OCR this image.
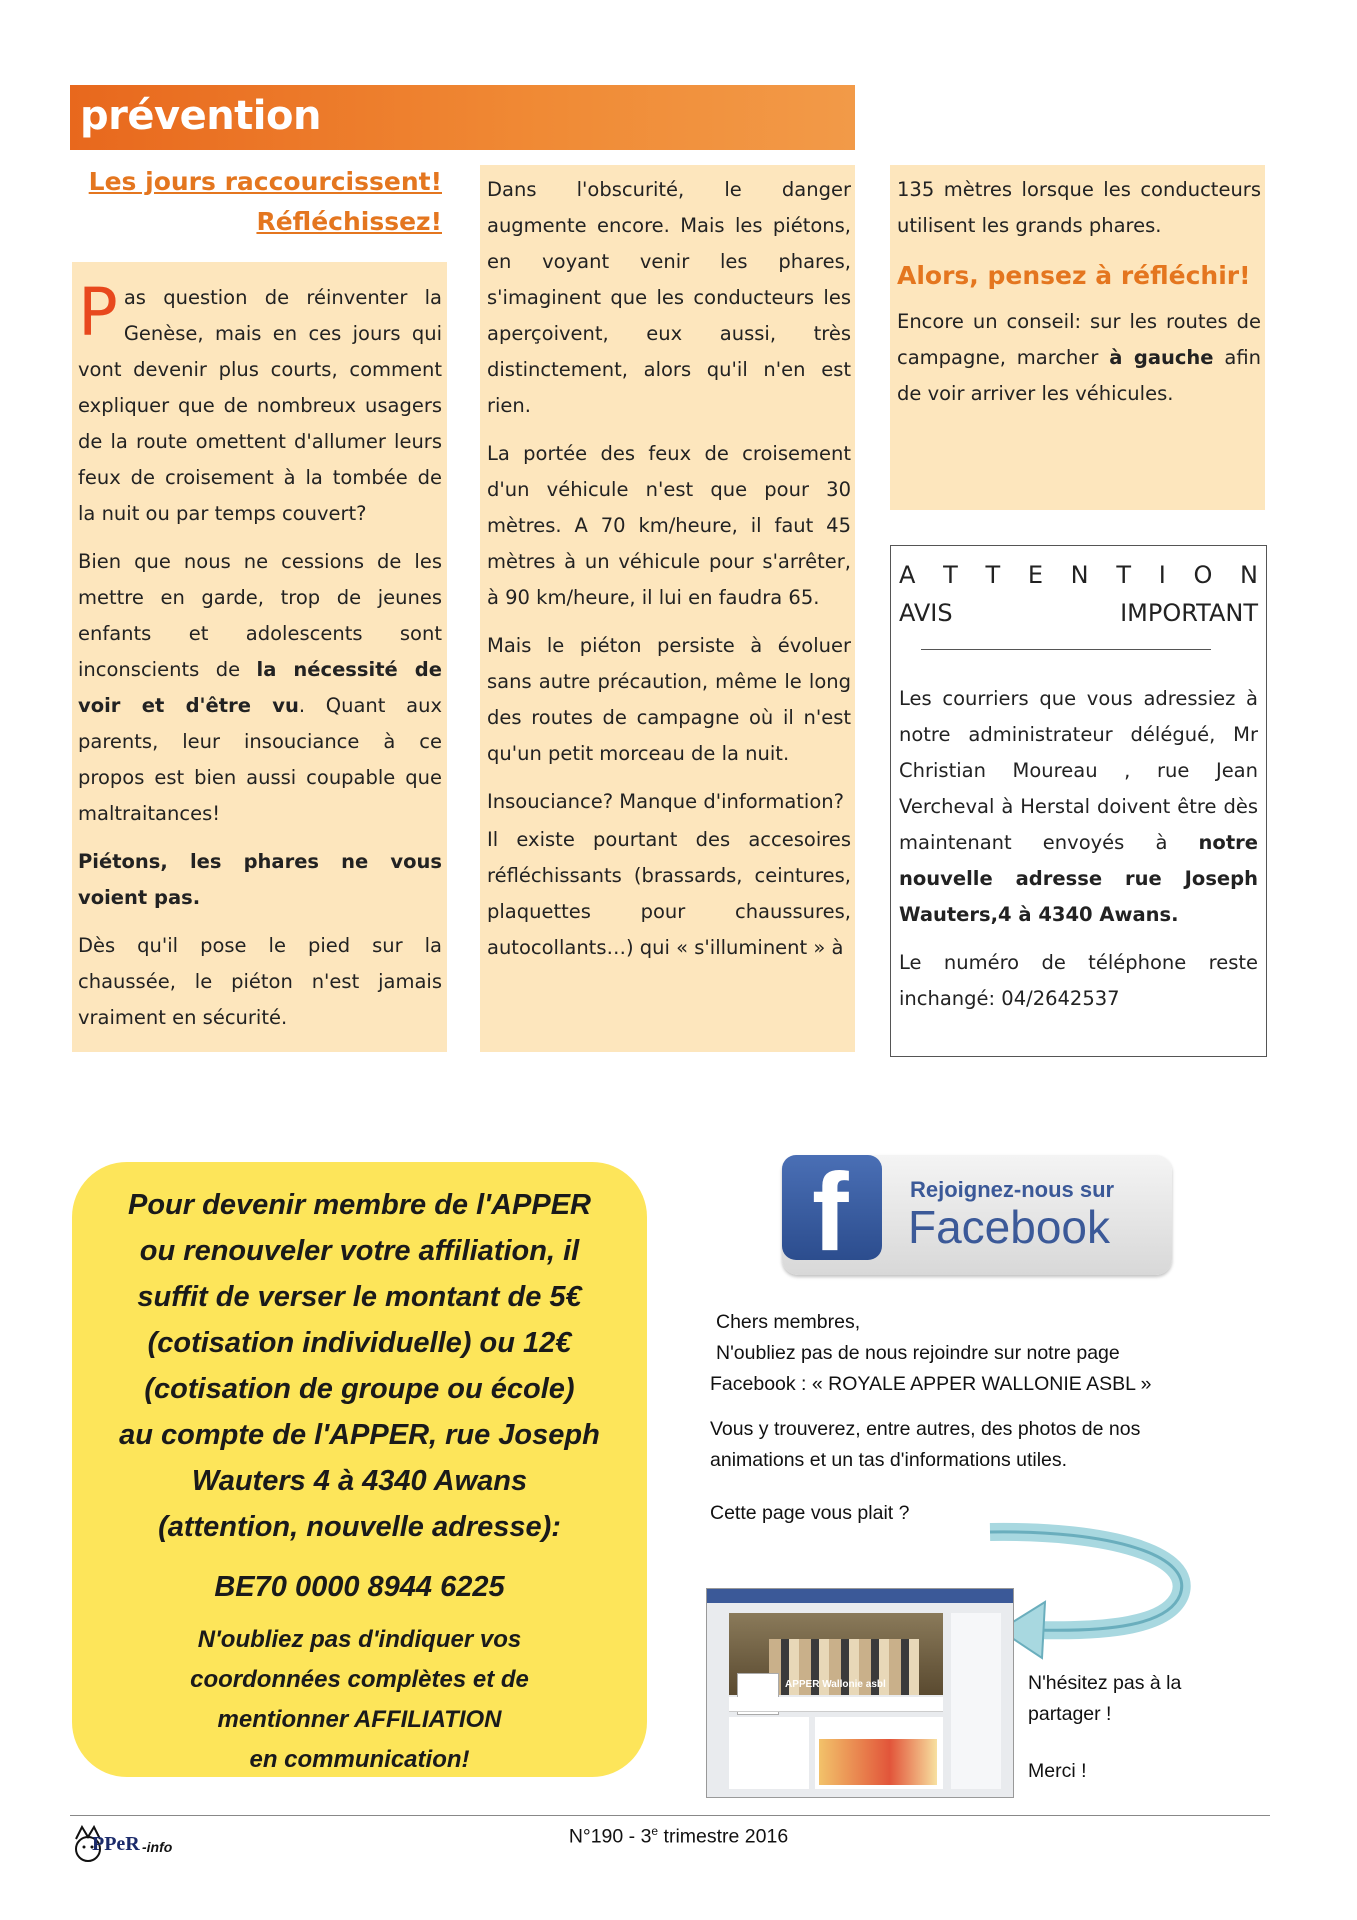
prévention
Les jours raccourcissent!
Réfléchissez!

Pas question de réinventer la Genèse, mais en ces jours qui vont devenir plus courts, comment expliquer que de nombreux usagers de la route omettent d'allumer leurs feux de croisement à la tombée de la nuit ou par temps couvert?

Bien que nous ne cessions de les mettre en garde, trop de jeunes enfants et adolescents sont inconscients de la nécessité de voir et d'être vu. Quant aux parents, leur insouciance à ce propos est bien aussi coupable que maltraitances!

Piétons, les phares ne vous voient pas.

Dès qu'il pose le pied sur la chaussée, le piéton n'est jamais vraiment en sécurité.

Dans l'obscurité, le danger augmente encore. Mais les piétons, en voyant venir les phares, s'imaginent que les conducteurs les aperçoivent, eux aussi, très distinctement, alors qu'il n'en est rien.

La portée des feux de croisement d'un véhicule n'est que pour 30 mètres. A 70 km/heure, il faut 45 mètres à un véhicule pour s'arrêter, à 90 km/heure, il lui en faudra 65.

Mais le piéton persiste à évoluer sans autre précaution, même le long des routes de campagne où il n'est qu'un petit morceau de la nuit.

Insouciance? Manque d'information?

Il existe pourtant des accesoires réfléchissants (brassards, ceintures, plaquettes pour chaussures, autocollants…) qui « s'illuminent » à

135 mètres lorsque les conducteurs utilisent les grands phares.

Alors, pensez à réfléchir!

Encore un conseil: sur les routes de campagne, marcher à gauche afin de voir arriver les véhicules.

A T T E N T I O N
AVIS IMPORTANT

Les courriers que vous adressiez à notre administrateur délégué, Mr Christian Moureau , rue Jean Vercheval à Herstal doivent être dès maintenant envoyés à notre nouvelle adresse rue Joseph Wauters,4 à 4340 Awans.

Le numéro de téléphone reste inchangé: 04/2642537

Pour devenir membre de l'APPER
ou renouveler votre affiliation, il
suffit de verser le montant de 5€
(cotisation individuelle) ou 12€
(cotisation de groupe ou école)
au compte de l'APPER, rue Joseph
Wauters 4 à 4340 Awans
(attention, nouvelle adresse):
BE70 0000 8944 6225
N'oubliez pas d'indiquer vos
coordonnées complètes et de
mentionner AFFILIATION
en communication!
f	Rejoignez-nous sur
Facebook
Chers membres,
N'oubliez pas de nous rejoindre sur notre page
Facebook : « ROYALE APPER WALLONIE ASBL »
Vous y trouverez, entre autres, des photos de nos
animations et un tas d'informations utiles.
Cette page vous plait ?
APPER Wallonie asbl	N'hésitez pas à la
partager !
Merci !
PPeR -info	N°190 - 3e trimestre 2016
